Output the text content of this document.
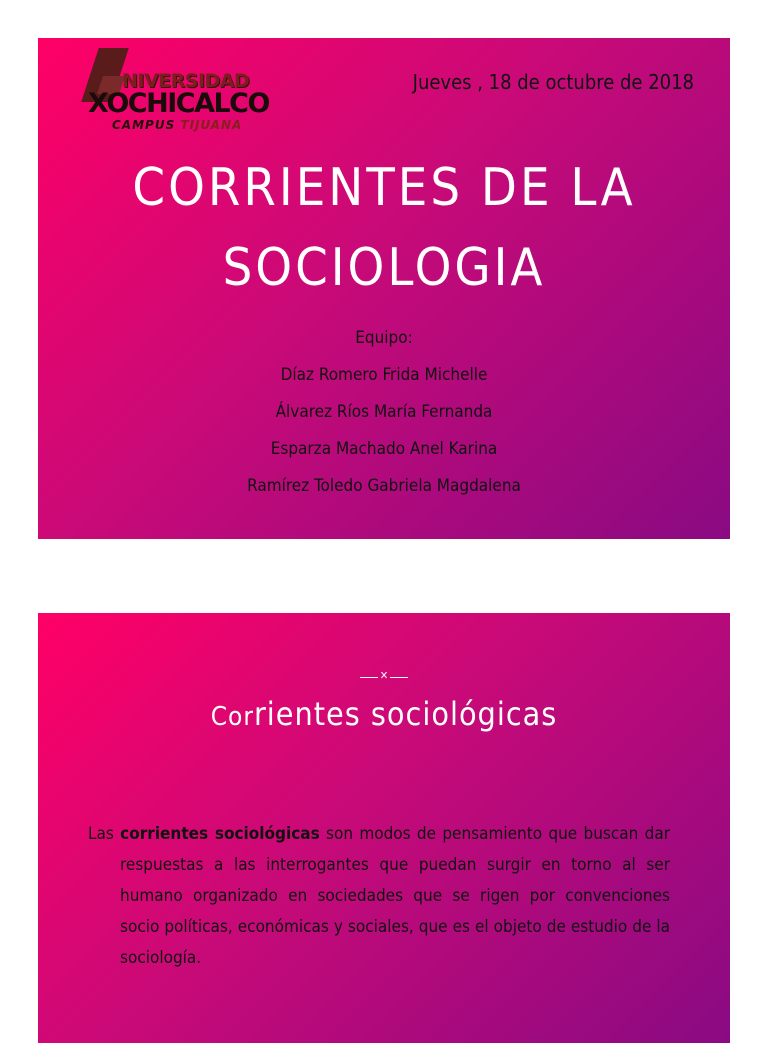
NIVERSIDAD
XOCHICALCO
CAMPUS TIJUANA
Jueves , 18 de octubre de 2018
CORRIENTES DE LA
SOCIOLOGIA
Equipo:
Díaz Romero Frida Michelle
Álvarez Ríos María Fernanda
Esparza Machado Anel Karina
Ramírez Toledo Gabriela Magdalena
✕
Corrientes sociológicas

Las corrientes sociológicas son modos de pensamiento que buscan dar respuestas a las interrogantes que puedan surgir en torno al ser humano organizado en sociedades que se rigen por convenciones socio políticas, económicas y sociales, que es el objeto de estudio de la sociología.
